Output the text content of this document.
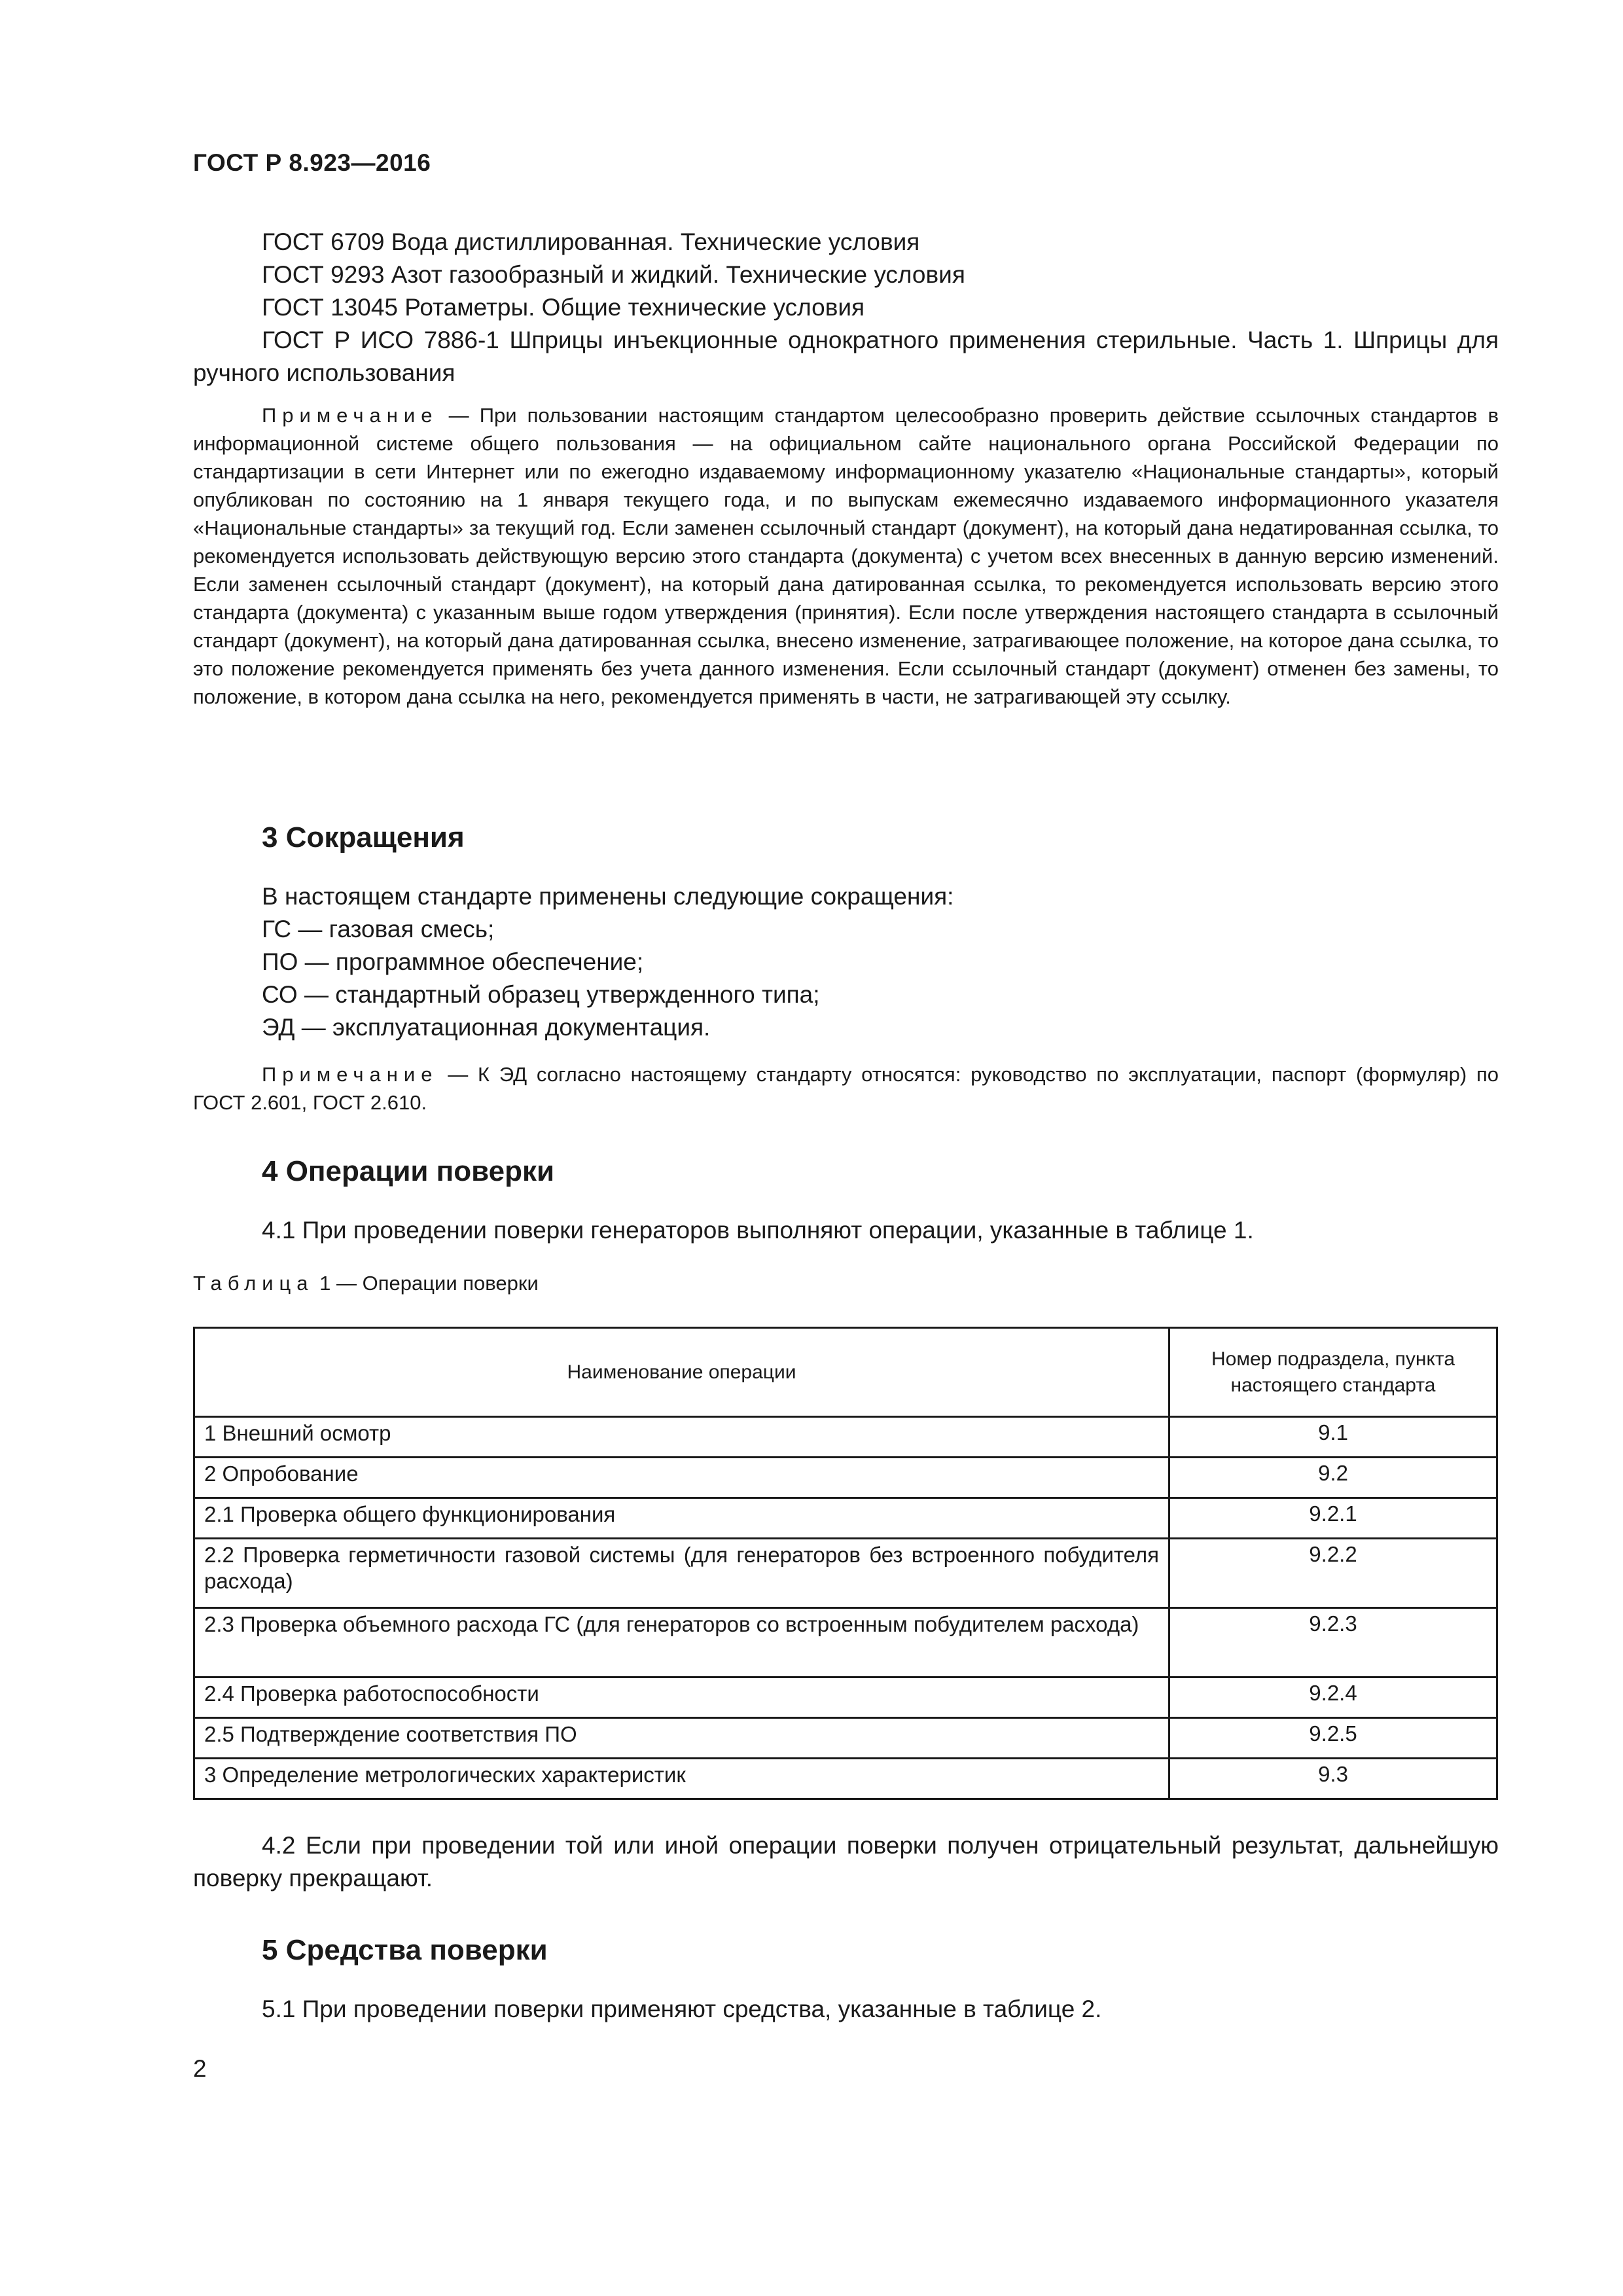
ГОСТ Р 8.923—2016
ГОСТ 6709 Вода дистиллированная. Технические условия
ГОСТ 9293 Азот газообразный и жидкий. Технические условия
ГОСТ 13045 Ротаметры. Общие технические условия
ГОСТ Р ИСО 7886-1 Шприцы инъекционные однократного применения стерильные. Часть 1. Шприцы для ручного использования
Примечание — При пользовании настоящим стандартом целесообразно проверить действие ссылочных стандартов в информационной системе общего пользования — на официальном сайте национального органа Российской Федерации по стандартизации в сети Интернет или по ежегодно издаваемому информационному указателю «Национальные стандарты», который опубликован по состоянию на 1 января текущего года, и по выпускам ежемесячно издаваемого информационного указателя «Национальные стандарты» за текущий год. Если заменен ссылочный стандарт (документ), на который дана недатированная ссылка, то рекомендуется использовать действующую версию этого стандарта (документа) с учетом всех внесенных в данную версию изменений. Если заменен ссылочный стандарт (документ), на который дана датированная ссылка, то рекомендуется использовать версию этого стандарта (документа) с указанным выше годом утверждения (принятия). Если после утверждения настоящего стандарта в ссылочный стандарт (документ), на который дана датированная ссылка, внесено изменение, затрагивающее положение, на которое дана ссылка, то это положение рекомендуется применять без учета данного изменения. Если ссылочный стандарт (документ) отменен без замены, то положение, в котором дана ссылка на него, рекомендуется применять в части, не затрагивающей эту ссылку.
3 Сокращения
В настоящем стандарте применены следующие сокращения:
ГС — газовая смесь;
ПО — программное обеспечение;
СО — стандартный образец утвержденного типа;
ЭД — эксплуатационная документация.
Примечание — К ЭД согласно настоящему стандарту относятся: руководство по эксплуатации, паспорт (формуляр) по ГОСТ 2.601, ГОСТ 2.610.
4 Операции поверки
4.1 При проведении поверки генераторов выполняют операции, указанные в таблице 1.
Таблица 1 — Операции поверки
Наименование операции	Номер подраздела, пункта настоящего стандарта
1 Внешний осмотр	9.1
2 Опробование	9.2
2.1 Проверка общего функционирования	9.2.1
2.2 Проверка герметичности газовой системы (для генераторов без встроенного побудителя расхода)	9.2.2
2.3 Проверка объемного расхода ГС (для генераторов со встроенным побудителем расхода)	9.2.3
2.4 Проверка работоспособности	9.2.4
2.5 Подтверждение соответствия ПО	9.2.5
3 Определение метрологических характеристик	9.3
4.2 Если при проведении той или иной операции поверки получен отрицательный результат, дальнейшую поверку прекращают.
5 Средства поверки
5.1 При проведении поверки применяют средства, указанные в таблице 2.
2
